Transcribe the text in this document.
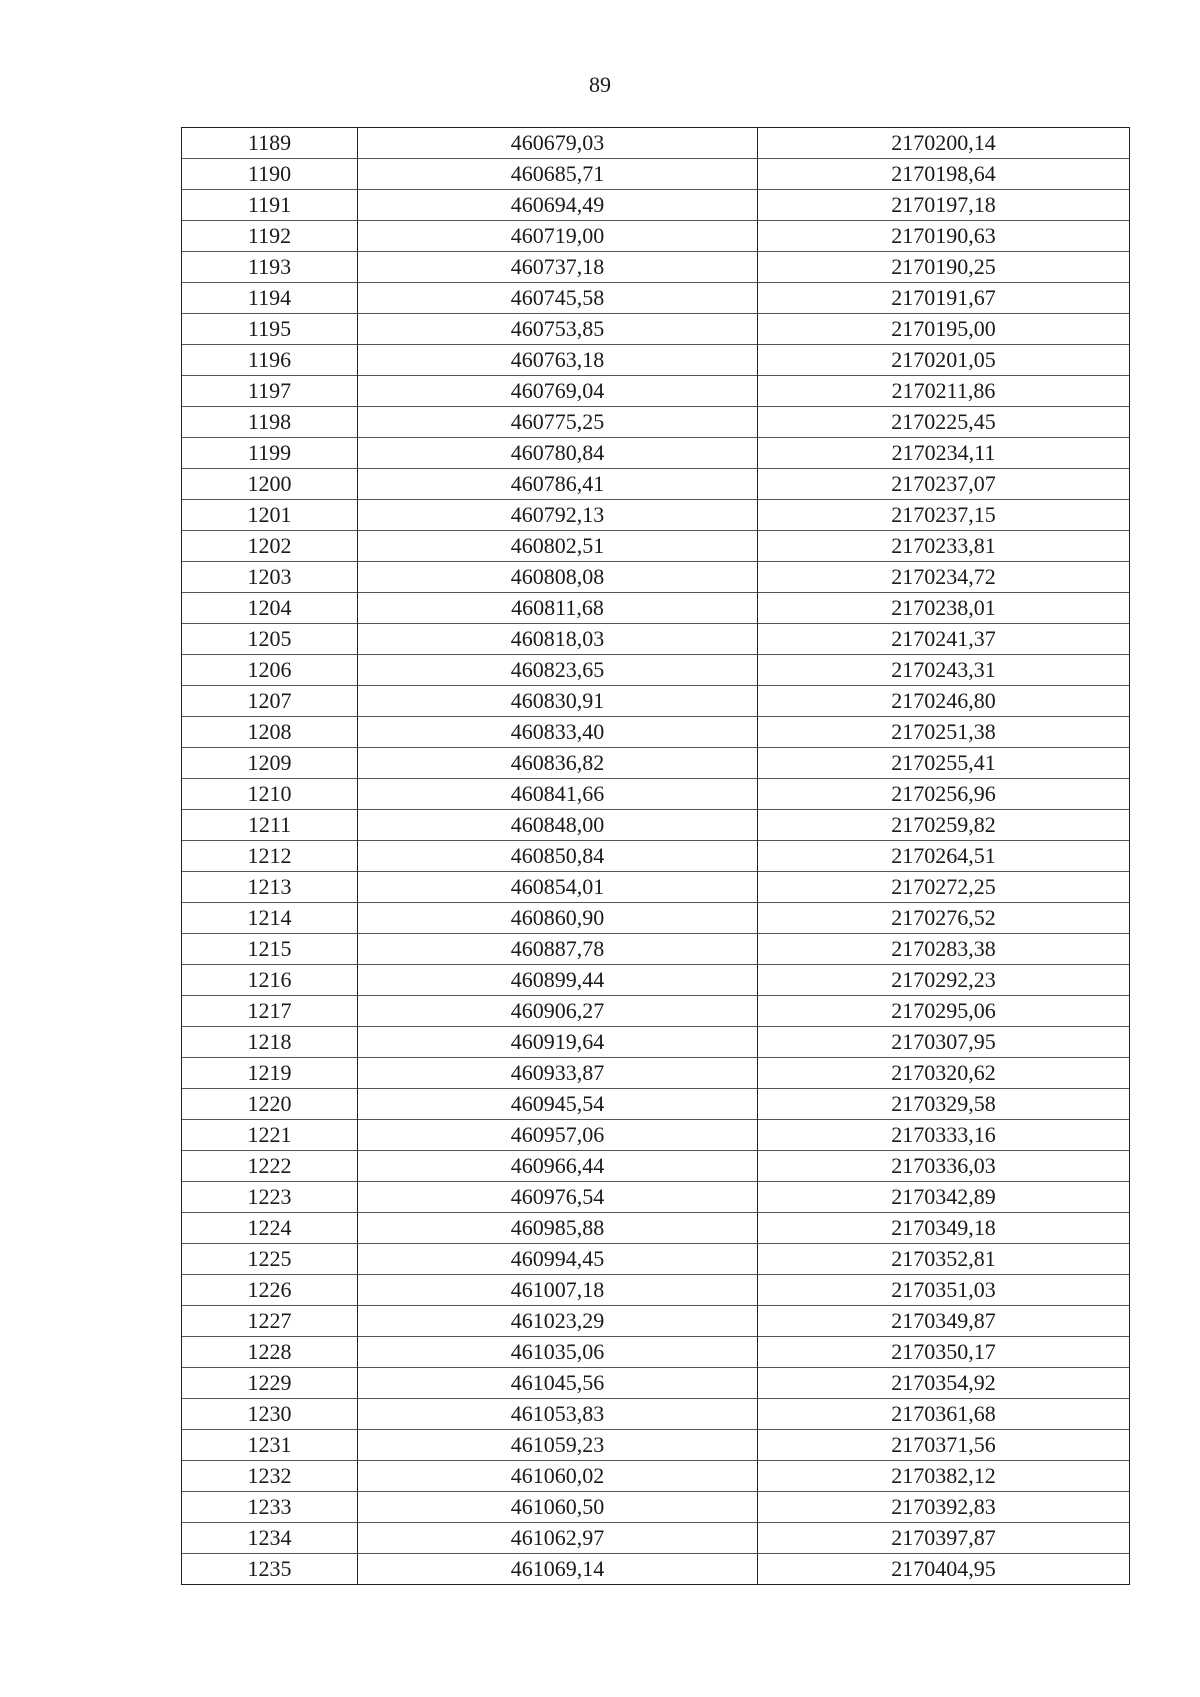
89
1189	460679,03	2170200,14
1190	460685,71	2170198,64
1191	460694,49	2170197,18
1192	460719,00	2170190,63
1193	460737,18	2170190,25
1194	460745,58	2170191,67
1195	460753,85	2170195,00
1196	460763,18	2170201,05
1197	460769,04	2170211,86
1198	460775,25	2170225,45
1199	460780,84	2170234,11
1200	460786,41	2170237,07
1201	460792,13	2170237,15
1202	460802,51	2170233,81
1203	460808,08	2170234,72
1204	460811,68	2170238,01
1205	460818,03	2170241,37
1206	460823,65	2170243,31
1207	460830,91	2170246,80
1208	460833,40	2170251,38
1209	460836,82	2170255,41
1210	460841,66	2170256,96
1211	460848,00	2170259,82
1212	460850,84	2170264,51
1213	460854,01	2170272,25
1214	460860,90	2170276,52
1215	460887,78	2170283,38
1216	460899,44	2170292,23
1217	460906,27	2170295,06
1218	460919,64	2170307,95
1219	460933,87	2170320,62
1220	460945,54	2170329,58
1221	460957,06	2170333,16
1222	460966,44	2170336,03
1223	460976,54	2170342,89
1224	460985,88	2170349,18
1225	460994,45	2170352,81
1226	461007,18	2170351,03
1227	461023,29	2170349,87
1228	461035,06	2170350,17
1229	461045,56	2170354,92
1230	461053,83	2170361,68
1231	461059,23	2170371,56
1232	461060,02	2170382,12
1233	461060,50	2170392,83
1234	461062,97	2170397,87
1235	461069,14	2170404,95
